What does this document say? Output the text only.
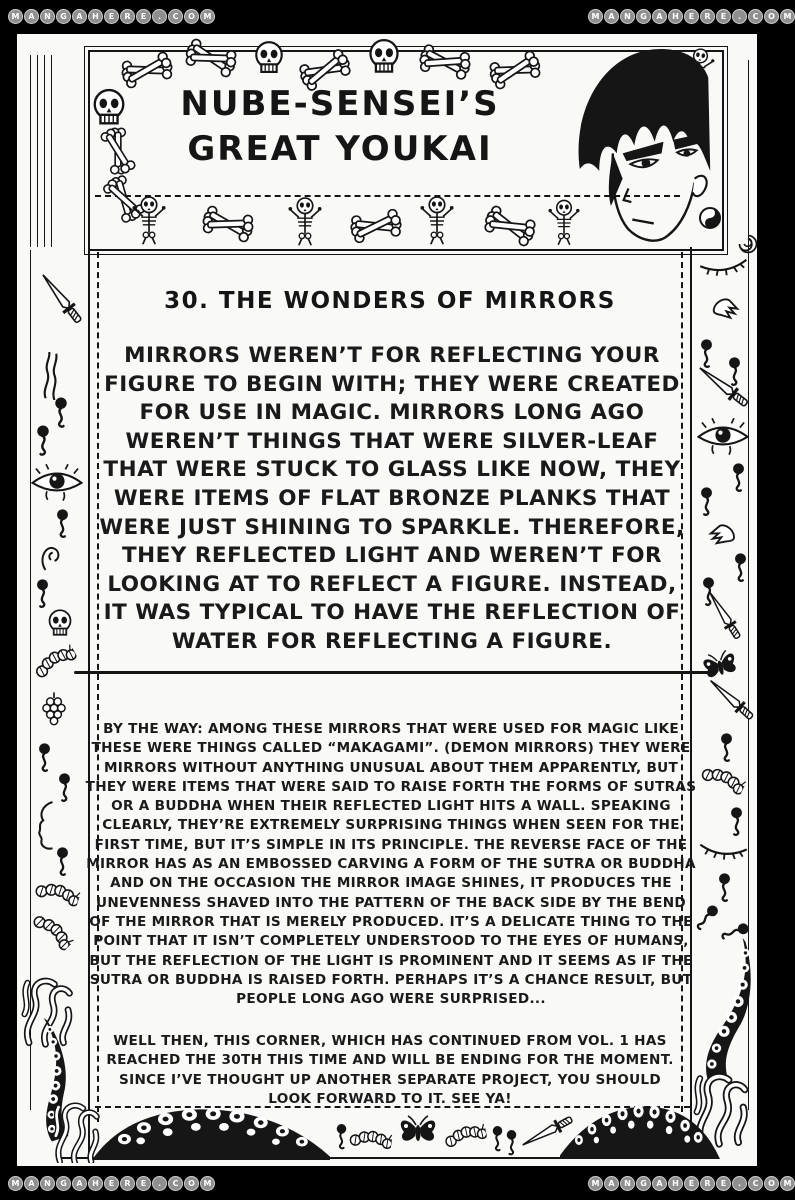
NUBE-SENSEI’S
GREAT YOUKAI
30. THE WONDERS OF MIRRORS
MIRRORS WEREN’T FOR REFLECTING YOUR FIGURE TO BEGIN WITH; THEY WERE CREATED FOR USE IN MAGIC. MIRRORS LONG AGO WEREN’T THINGS THAT WERE SILVER-LEAF THAT WERE STUCK TO GLASS LIKE NOW, THEY WERE ITEMS OF FLAT BRONZE PLANKS THAT WERE JUST SHINING TO SPARKLE. THEREFORE, THEY REFLECTED LIGHT AND WEREN’T FOR LOOKING AT TO REFLECT A FIGURE. INSTEAD, IT WAS TYPICAL TO HAVE THE REFLECTION OF WATER FOR REFLECTING A FIGURE.
BY THE WAY: AMONG THESE MIRRORS THAT WERE USED FOR MAGIC LIKE THESE WERE THINGS CALLED “MAKAGAMI”. (DEMON MIRRORS) THEY WERE MIRRORS WITHOUT ANYTHING UNUSUAL ABOUT THEM APPARENTLY, BUT THEY WERE ITEMS THAT WERE SAID TO RAISE FORTH THE FORMS OF SUTRAS OR A BUDDHA WHEN THEIR REFLECTED LIGHT HITS A WALL. SPEAKING CLEARLY, THEY’RE EXTREMELY SURPRISING THINGS WHEN SEEN FOR THE FIRST TIME, BUT IT’S SIMPLE IN ITS PRINCIPLE. THE REVERSE FACE OF THE MIRROR HAS AS AN EMBOSSED CARVING A FORM OF THE SUTRA OR BUDDHA AND ON THE OCCASION THE MIRROR IMAGE SHINES, IT PRODUCES THE UNEVENNESS SHAVED INTO THE PATTERN OF THE BACK SIDE BY THE BEND OF THE MIRROR THAT IS MERELY PRODUCED. IT’S A DELICATE THING TO THE POINT THAT IT ISN’T COMPLETELY UNDERSTOOD TO THE EYES OF HUMANS, BUT THE REFLECTION OF THE LIGHT IS PROMINENT AND IT SEEMS AS IF THE SUTRA OR BUDDHA IS RAISED FORTH. PERHAPS IT’S A CHANCE RESULT, BUT PEOPLE LONG AGO WERE SURPRISED...
WELL THEN, THIS CORNER, WHICH HAS CONTINUED FROM VOL. 1 HAS REACHED THE 30TH THIS TIME AND WILL BE ENDING FOR THE MOMENT. SINCE I’VE THOUGHT UP ANOTHER SEPARATE PROJECT, YOU SHOULD LOOK FORWARD TO IT. SEE YA!
M	A	N	G	A	H	E	R	E	.	C	O	M	M	A	N	G	A	H	E	R	E	.	C	O	M
M	A	N	G	A	H	E	R	E	.	C	O	M	M	A	N	G	A	H	E	R	E	.	C	O	M
